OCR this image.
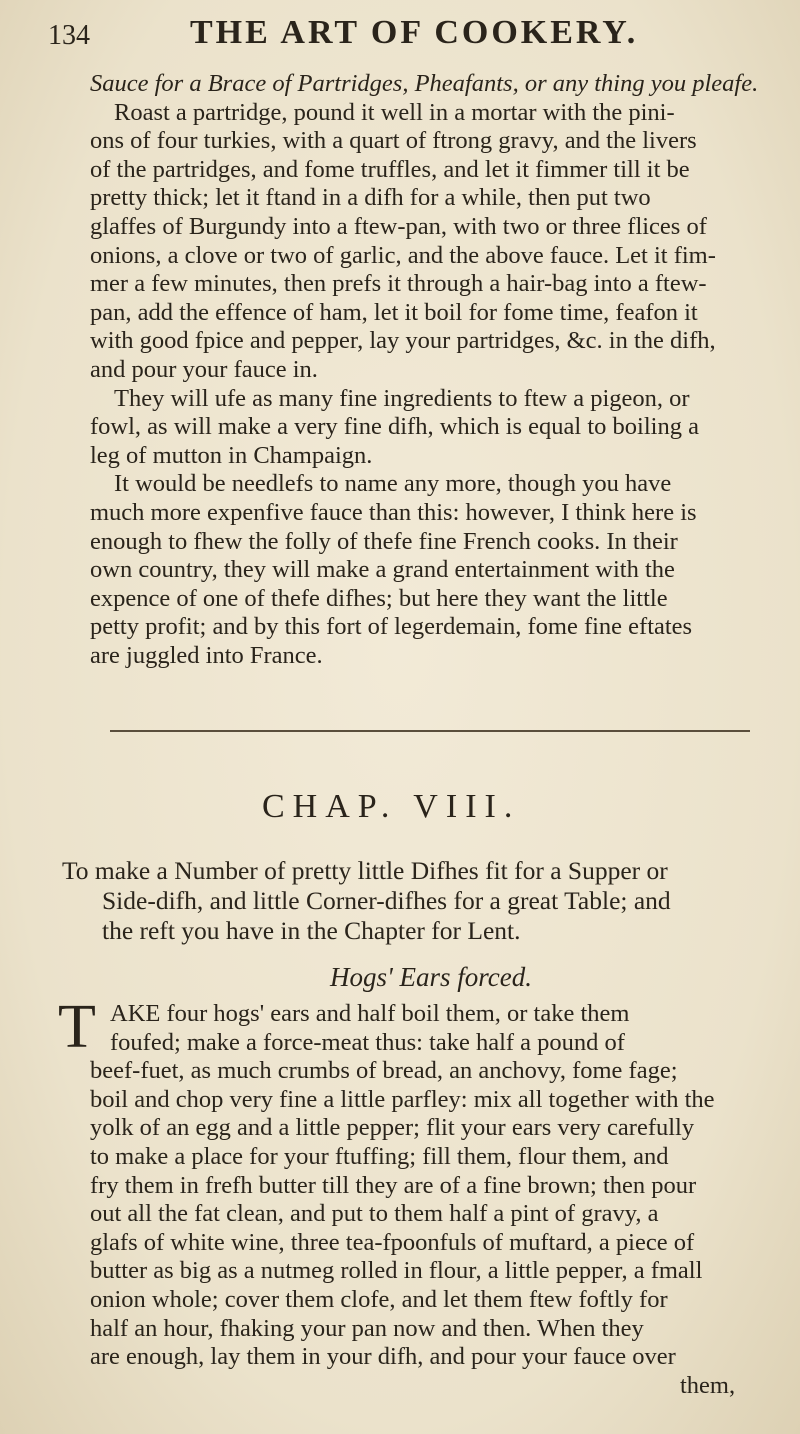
134	THE ART OF COOKERY.
Sauce for a Brace of Partridges, Pheafants, or any thing you pleafe.
Roast a partridge, pound it well in a mortar with the pini-
ons of four turkies, with a quart of ftrong gravy, and the livers
of the partridges, and fome truffles, and let it fimmer till it be
pretty thick; let it ftand in a difh for a while, then put two
glaffes of Burgundy into a ftew-pan, with two or three flices of
onions, a clove or two of garlic, and the above fauce. Let it fim-
mer a few minutes, then prefs it through a hair-bag into a ftew-
pan, add the effence of ham, let it boil for fome time, feafon it
with good fpice and pepper, lay your partridges, &c. in the difh,
and pour your fauce in.
They will ufe as many fine ingredients to ftew a pigeon, or
fowl, as will make a very fine difh, which is equal to boiling a
leg of mutton in Champaign.
It would be needlefs to name any more, though you have
much more expenfive fauce than this: however, I think here is
enough to fhew the folly of thefe fine French cooks. In their
own country, they will make a grand entertainment with the
expence of one of thefe difhes; but here they want the little
petty profit; and by this fort of legerdemain, fome fine eftates
are juggled into France.
CHAP. VIII.
To make a Number of pretty little Difhes fit for a Supper or
Side-difh, and little Corner-difhes for a great Table; and
the reft you have in the Chapter for Lent.
Hogs' Ears forced.
T AKE four hogs' ears and half boil them, or take them
foufed; make a force-meat thus: take half a pound of
beef-fuet, as much crumbs of bread, an anchovy, fome fage;
boil and chop very fine a little parfley: mix all together with the
yolk of an egg and a little pepper; flit your ears very carefully
to make a place for your ftuffing; fill them, flour them, and
fry them in frefh butter till they are of a fine brown; then pour
out all the fat clean, and put to them half a pint of gravy, a
glafs of white wine, three tea-fpoonfuls of muftard, a piece of
butter as big as a nutmeg rolled in flour, a little pepper, a fmall
onion whole; cover them clofe, and let them ftew foftly for
half an hour, fhaking your pan now and then. When they
are enough, lay them in your difh, and pour your fauce over
them,
